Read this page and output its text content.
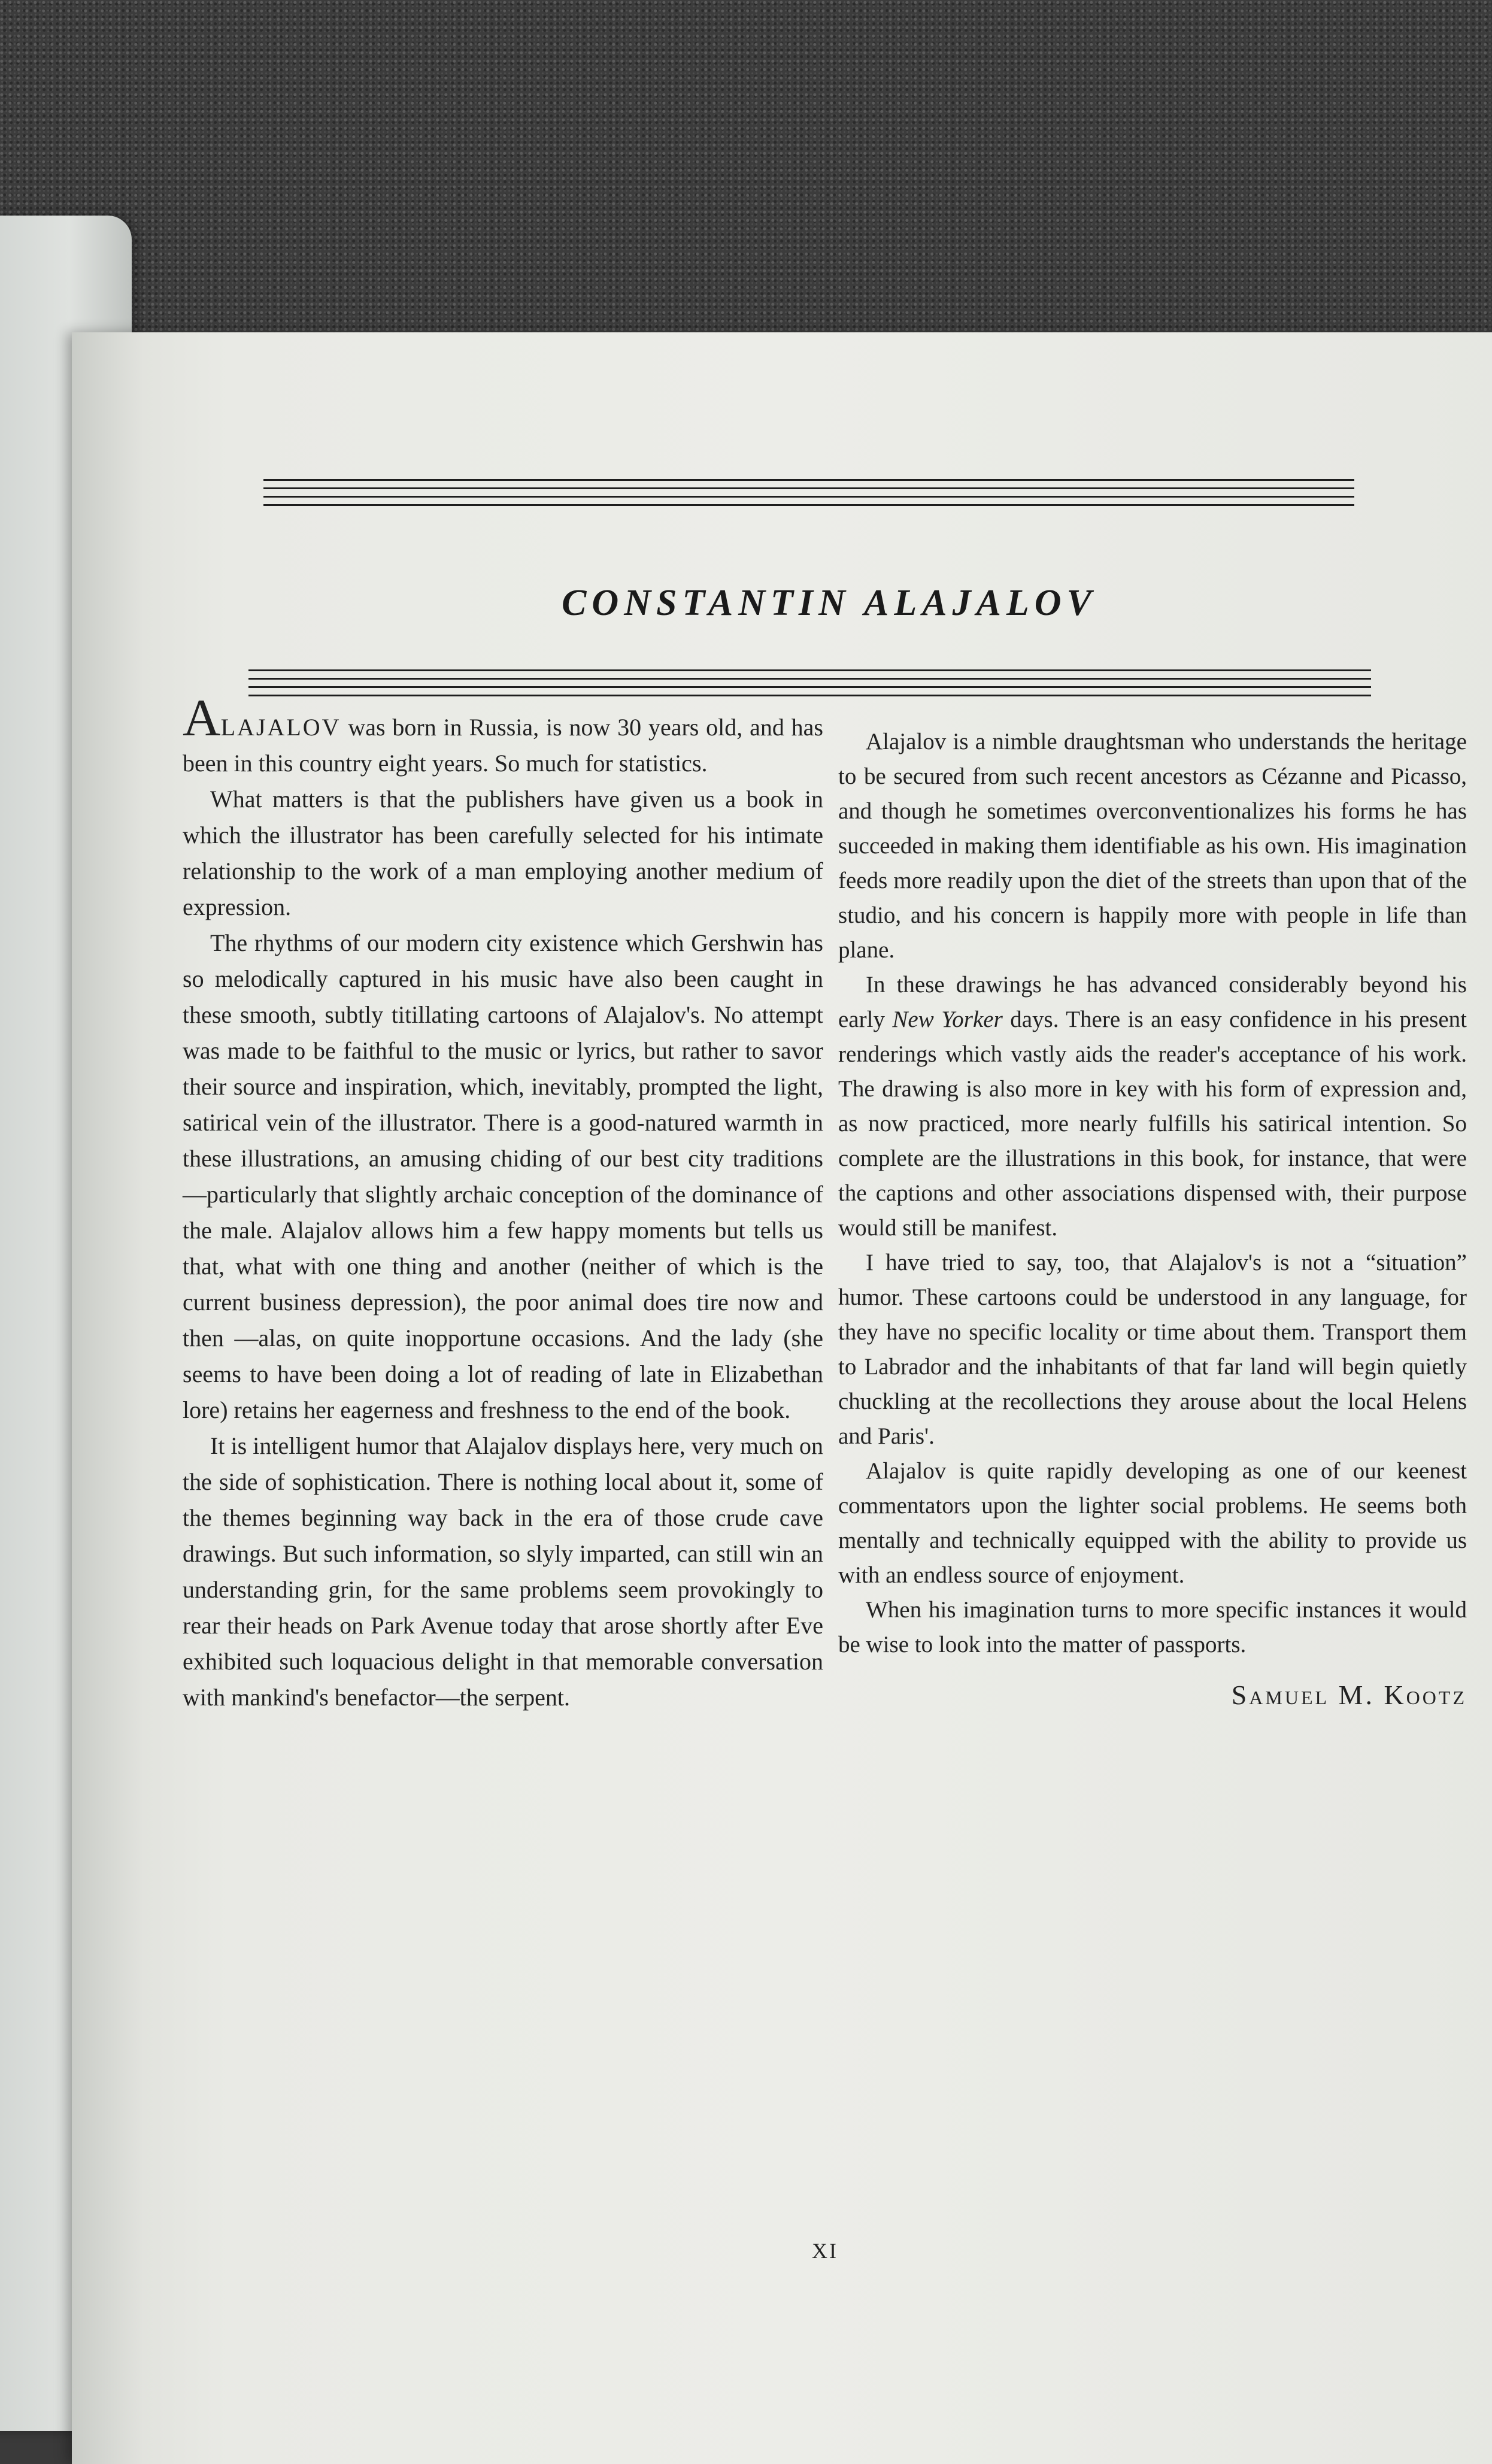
CONSTANTIN ALAJALOV

ALAJALOV was born in Russia, is now 30 years old, and has been in this country eight years. So much for statistics.

What matters is that the publishers have given us a book in which the illustrator has been carefully selected for his intimate relationship to the work of a man employing another medium of expression.

The rhythms of our modern city existence which Gershwin has so melodically captured in his music have also been caught in these smooth, subtly titillating cartoons of Alajalov's. No attempt was made to be faithful to the music or lyrics, but rather to savor their source and inspiration, which, inevitably, prompted the light, satirical vein of the illustrator. There is a good-natured warmth in these illustrations, an amusing chiding of our best city traditions —particularly that slightly archaic conception of the dominance of the male. Alajalov allows him a few happy moments but tells us that, what with one thing and another (neither of which is the current business depression), the poor animal does tire now and then —alas, on quite inopportune occasions. And the lady (she seems to have been doing a lot of reading of late in Elizabethan lore) retains her eagerness and freshness to the end of the book.

It is intelligent humor that Alajalov displays here, very much on the side of sophistication. There is nothing local about it, some of the themes beginning way back in the era of those crude cave drawings. But such information, so slyly imparted, can still win an understanding grin, for the same problems seem provokingly to rear their heads on Park Avenue today that arose shortly after Eve exhibited such loquacious delight in that memorable conversation with mankind's benefactor—the serpent.

Alajalov is a nimble draughtsman who understands the heritage to be secured from such recent ancestors as Cézanne and Picasso, and though he sometimes overconventionalizes his forms he has succeeded in making them identifiable as his own. His imagination feeds more readily upon the diet of the streets than upon that of the studio, and his concern is happily more with people in life than plane.

In these drawings he has advanced considerably beyond his early New Yorker days. There is an easy confidence in his present renderings which vastly aids the reader's acceptance of his work. The drawing is also more in key with his form of expression and, as now practiced, more nearly fulfills his satirical intention. So complete are the illustrations in this book, for instance, that were the captions and other associations dispensed with, their purpose would still be manifest.

I have tried to say, too, that Alajalov's is not a “situation” humor. These cartoons could be understood in any language, for they have no specific locality or time about them. Transport them to Labrador and the inhabitants of that far land will begin quietly chuckling at the recollections they arouse about the local Helens and Paris'.

Alajalov is quite rapidly developing as one of our keenest commentators upon the lighter social problems. He seems both mentally and technically equipped with the ability to provide us with an endless source of enjoyment.

When his imagination turns to more specific instances it would be wise to look into the matter of passports.

Samuel M. Kootz
XI
